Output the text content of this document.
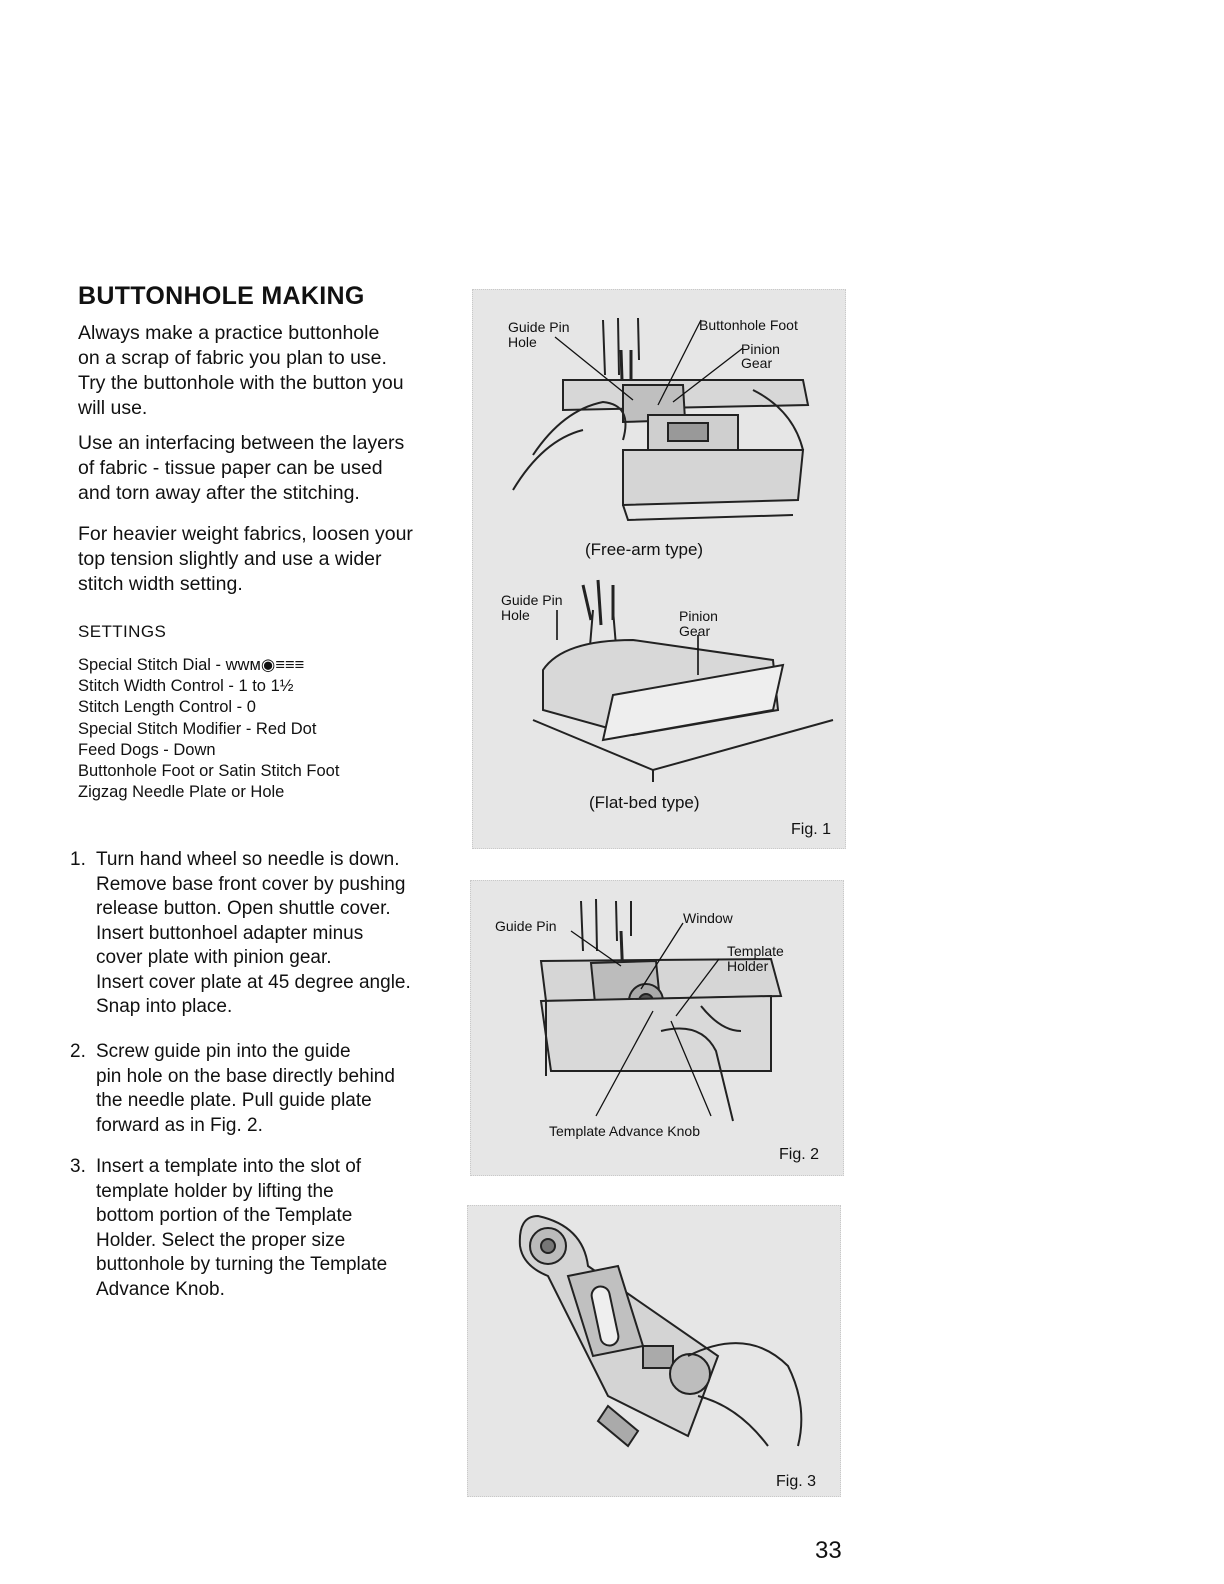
BUTTONHOLE MAKING

Always make a practice buttonhole
on a scrap of fabric you plan to use.
Try the buttonhole with the button you
will use.

Use an interfacing between the layers
of fabric - tissue paper can be used
and torn away after the stitching.

For heavier weight fabrics, loosen your
top tension slightly and use a wider
stitch width setting.

SETTINGS
Special Stitch Dial - ᴡᴡᴍ◉≡≡≡
Stitch Width Control - 1 to 1½
Stitch Length Control - 0
Special Stitch Modifier - Red Dot
Feed Dogs - Down
Buttonhole Foot or Satin Stitch Foot
Zigzag Needle Plate or Hole
1. Turn hand wheel so needle is down.
Remove base front cover by pushing
release button. Open shuttle cover.
Insert buttonhoel adapter minus
cover plate with pinion gear.
Insert cover plate at 45 degree angle.
Snap into place.
2. Screw guide pin into the guide
pin hole on the base directly behind
the needle plate. Pull guide plate
forward as in Fig. 2.
3. Insert a template into the slot of
template holder by lifting the
bottom portion of the Template
Holder. Select the proper size
buttonhole by turning the Template
Advance Knob.
Guide Pin
Hole
Buttonhole Foot
Pinion
Gear
(Free-arm type)
Guide Pin
Hole	Pinion
Gear
(Flat-bed type)
Fig. 1
Guide Pin	Window
Template
Holder
Template Advance Knob
Fig. 2
Fig. 3
33
